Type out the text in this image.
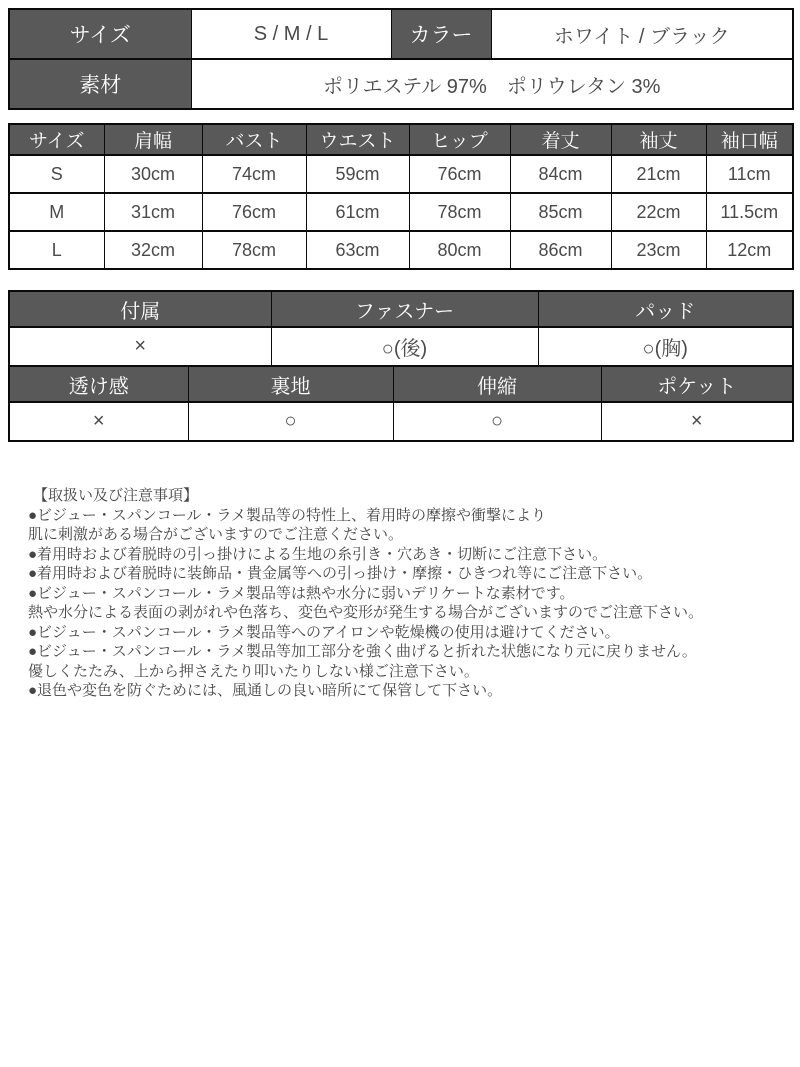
サイズ	S / M / L	カラー	ホワイト / ブラック
素材	ポリエステル 97%　ポリウレタン 3%		
サイズ	肩幅	バスト	ウエスト	ヒップ	着丈	袖丈	袖口幅
S	30cm	74cm	59cm	76cm	84cm	21cm	11cm
M	31cm	76cm	61cm	78cm	85cm	22cm	11.5cm
L	32cm	78cm	63cm	80cm	86cm	23cm	12cm
付属	ファスナー	パッド
×	○(後)	○(胸)
透け感	裏地	伸縮	ポケット
×	○	○	×
【取扱い及び注意事項】
●ビジュー・スパンコール・ラメ製品等の特性上、着用時の摩擦や衝撃により
肌に刺激がある場合がございますのでご注意ください。
●着用時および着脱時の引っ掛けによる生地の糸引き・穴あき・切断にご注意下さい。
●着用時および着脱時に装飾品・貴金属等への引っ掛け・摩擦・ひきつれ等にご注意下さい。
●ビジュー・スパンコール・ラメ製品等は熱や水分に弱いデリケートな素材です。
熱や水分による表面の剥がれや色落ち、変色や変形が発生する場合がございますのでご注意下さい。
●ビジュー・スパンコール・ラメ製品等へのアイロンや乾燥機の使用は避けてください。
●ビジュー・スパンコール・ラメ製品等加工部分を強く曲げると折れた状態になり元に戻りません。
優しくたたみ、上から押さえたり叩いたりしない様ご注意下さい。
●退色や変色を防ぐためには、風通しの良い暗所にて保管して下さい。
